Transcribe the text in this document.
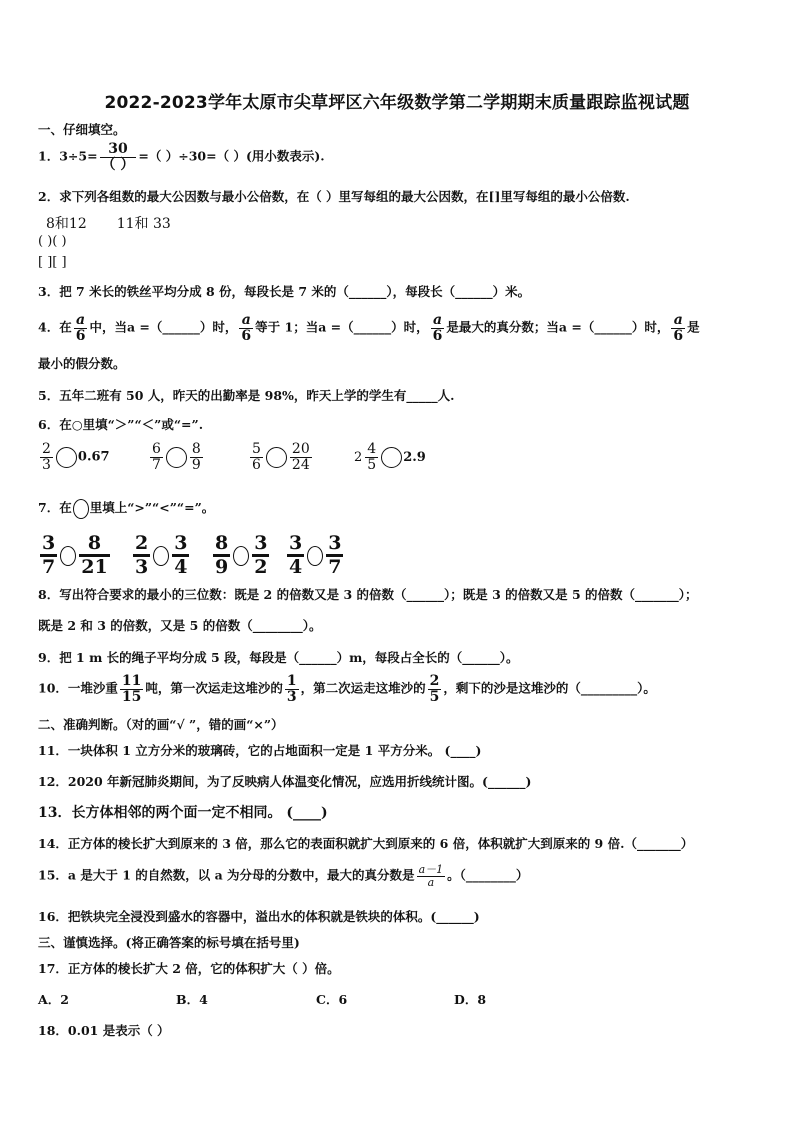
2022-2023学年太原市尖草坪区六年级数学第二学期期末质量跟踪监视试题
一、仔细填空。
1．$3\div 5= \frac{30}{( )}$ =（ ）÷30=（ ）(用小数表示).
2．求下列各组数的最大公因数与最小公倍数，在（ ）里写每组的最大公因数，在[]里写每组的最小公倍数.
8和12 11和 33
( )( )
[ ][ ]
3．把 7 米长的铁丝平均分成 8 份，每段长是 7 米的（______），每段长（______）米。
4．在 $\frac{a}{6}$ 中，当a =（______）时， $\frac{a}{6}$ 等于 1；当a =（______）时， $\frac{a}{6}$ 是最大的真分数；当a =（______）时， $\frac{a}{6}$ 是
最小的假分数。
5．五年二班有 50 人，昨天的出勤率是 98%，昨天上学的学生有_____人.
6．在○里填“＞”“＜”或“=”.
$\frac{2}{3} 0.67$	$\frac{6}{7} \frac{8}{9}$	$\frac{5}{6} \frac{20}{24}$	$2 \frac{4}{5} 2.9$
7．在 里填上“>”“<”“=”。
$\frac{3}{7} \frac{8}{21} \frac{2}{3} \frac{3}{4} \frac{8}{9} \frac{3}{2} \frac{3}{4} \frac{3}{7}$
8．写出符合要求的最小的三位数：既是 2 的倍数又是 3 的倍数（______）；既是 3 的倍数又是 5 的倍数（_______）；
既是 2 和 3 的倍数，又是 5 的倍数（________）。
9．把 1 m 长的绳子平均分成 5 段，每段是（______）m，每段占全长的（______）。
10．一堆沙重 $\frac{11}{15}$ 吨，第一次运走这堆沙的 $\frac{1}{3}$ ，第二次运走这堆沙的 $\frac{2}{5}$ ，剩下的沙是这堆沙的（_________）。
二、准确判断。（对的画“√ ”，错的画“×”）
11．一块体积 1 立方分米的玻璃砖，它的占地面积一定是 1 平方分米。 (____)
12．2020 年新冠肺炎期间，为了反映病人体温变化情况，应选用折线统计图。(______)
13．长方体相邻的两个面一定不相同。 (____)
14．正方体的棱长扩大到原来的 3 倍，那么它的表面积就扩大到原来的 6 倍，体积就扩大到原来的 9 倍.（_______）
15．a 是大于 1 的自然数，以 a 为分母的分数中，最大的真分数是 $\frac{a-1}{a}$ 。（________）
16．把铁块完全浸没到盛水的容器中，溢出水的体积就是铁块的体积。(______)
三、谨慎选择。(将正确答案的标号填在括号里)
17．正方体的棱长扩大 2 倍，它的体积扩大（ ）倍。
A．2	B．4	C．6	D．8
18．0.01 是表示（ ）
